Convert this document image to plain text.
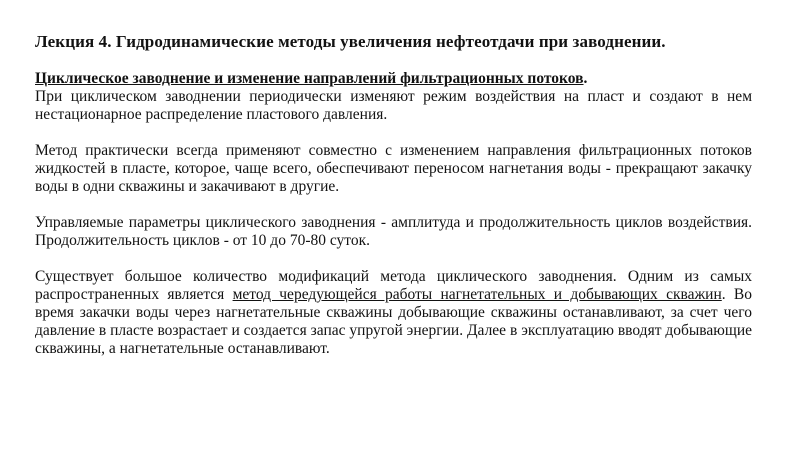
Лекция 4. Гидродинамические методы увеличения нефтеотдачи при заводнении.

Циклическое заводнение и изменение направлений фильтрационных потоков.

При циклическом заводнении периодически изменяют режим воздействия на пласт и создают в нем нестационарное распределение пластового давления.

Метод практически всегда применяют совместно с изменением направления фильтрационных потоков жидкостей в пласте, которое, чаще всего, обеспечивают переносом нагнетания воды - прекращают закачку воды в одни скважины и закачивают в другие.

Управляемые параметры циклического заводнения - амплитуда и продолжительность циклов воздействия. Продолжительность циклов - от 10 до 70-80 суток.

Существует большое количество модификаций метода циклического заводнения. Одним из самых распространенных является метод чередующейся работы нагнетательных и добывающих скважин. Во время закачки воды через нагнетательные скважины добывающие скважины останавливают, за счет чего давление в пласте возрастает и создается запас упругой энергии. Далее в эксплуатацию вводят добывающие скважины, а нагнетательные останавливают.
